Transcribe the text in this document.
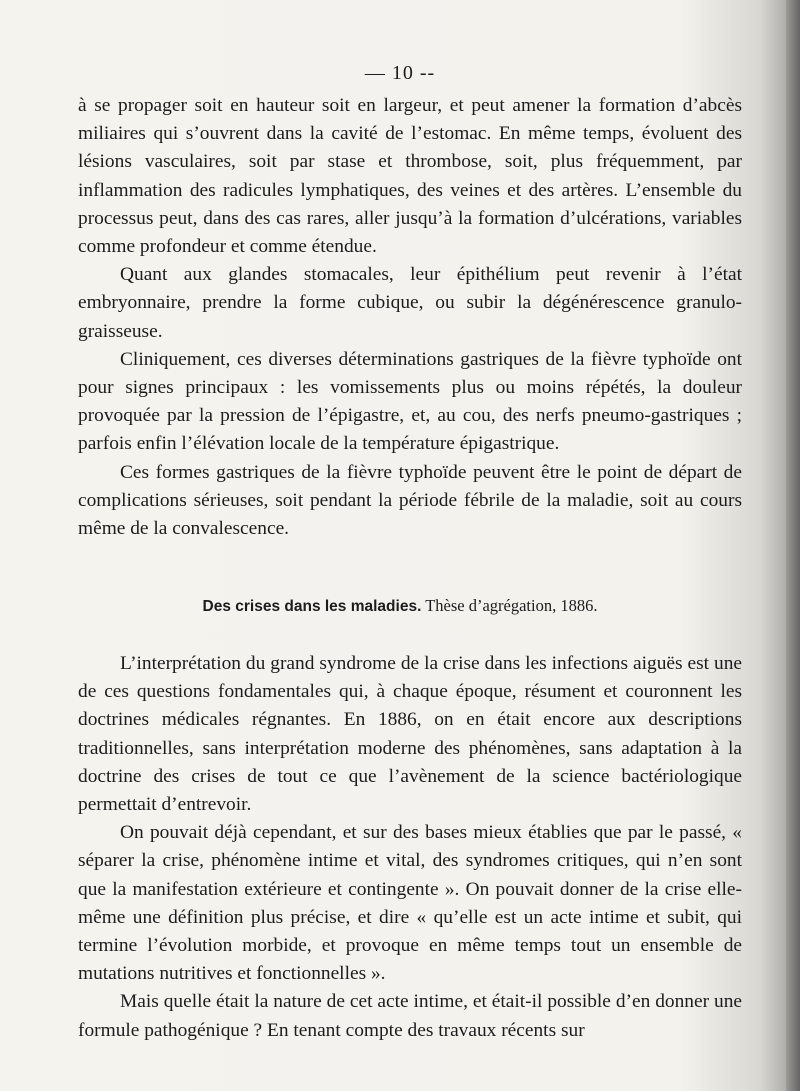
— 10 --

à se propager soit en hauteur soit en largeur, et peut amener la formation d’abcès miliaires qui s’ouvrent dans la cavité de l’estomac. En même temps, évoluent des lésions vasculaires, soit par stase et thrombose, soit, plus fréquemment, par inflammation des radicules lymphatiques, des veines et des artères. L’ensemble du processus peut, dans des cas rares, aller jusqu’à la formation d’ulcérations, variables comme profondeur et comme étendue.

Quant aux glandes stomacales, leur épithélium peut revenir à l’état embryonnaire, prendre la forme cubique, ou subir la dégénérescence granulo-graisseuse.

Cliniquement, ces diverses déterminations gastriques de la fièvre typhoïde ont pour signes principaux : les vomissements plus ou moins répétés, la douleur provoquée par la pression de l’épigastre, et, au cou, des nerfs pneumo-gastriques ; parfois enfin l’élévation locale de la température épigastrique.

Ces formes gastriques de la fièvre typhoïde peuvent être le point de départ de complications sérieuses, soit pendant la période fébrile de la maladie, soit au cours même de la convalescence.

Des crises dans les maladies. Thèse d’agrégation, 1886.

L’interprétation du grand syndrome de la crise dans les infections aiguës est une de ces questions fondamentales qui, à chaque époque, résument et couronnent les doctrines médicales régnantes. En 1886, on en était encore aux descriptions traditionnelles, sans interprétation moderne des phénomènes, sans adaptation à la doctrine des crises de tout ce que l’avènement de la science bactériologique permettait d’entrevoir.

On pouvait déjà cependant, et sur des bases mieux établies que par le passé, « séparer la crise, phénomène intime et vital, des syndromes critiques, qui n’en sont que la manifestation extérieure et contingente ». On pouvait donner de la crise elle-même une définition plus précise, et dire « qu’elle est un acte intime et subit, qui termine l’évolution morbide, et provoque en même temps tout un ensemble de mutations nutritives et fonctionnelles ».

Mais quelle était la nature de cet acte intime, et était-il possible d’en donner une formule pathogénique ? En tenant compte des travaux récents sur
